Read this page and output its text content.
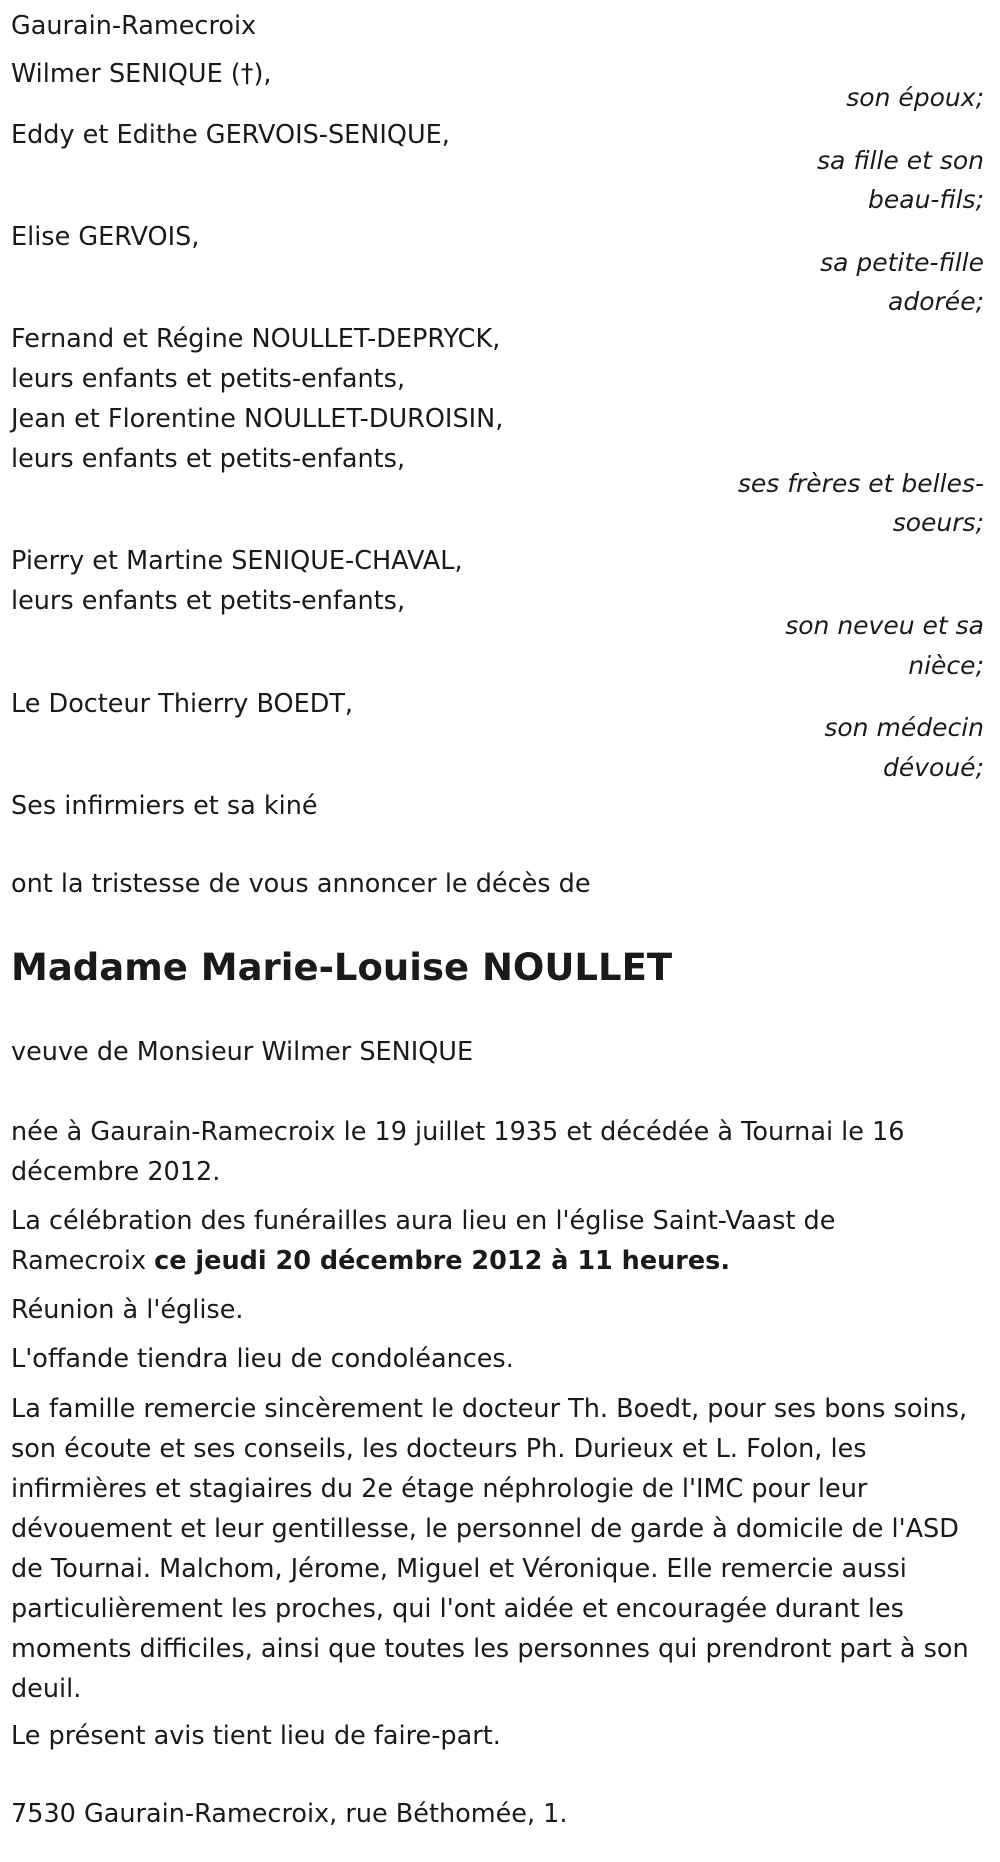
Gaurain-Ramecroix
Wilmer SENIQUE (†),
son époux;
Eddy et Edithe GERVOIS-SENIQUE,
sa fille et son
beau-fils;
Elise GERVOIS,
sa petite-fille
adorée;
Fernand et Régine NOULLET-DEPRYCK,
leurs enfants et petits-enfants,
Jean et Florentine NOULLET-DUROISIN,
leurs enfants et petits-enfants,
ses frères et belles-
soeurs;
Pierry et Martine SENIQUE-CHAVAL,
leurs enfants et petits-enfants,
son neveu et sa
nièce;
Le Docteur Thierry BOEDT,
son médecin
dévoué;
Ses infirmiers et sa kiné
ont la tristesse de vous annoncer le décès de
Madame Marie-Louise NOULLET
veuve de Monsieur Wilmer SENIQUE
née à Gaurain-Ramecroix le 19 juillet 1935 et décédée à Tournai le 16
décembre 2012.
La célébration des funérailles aura lieu en l'église Saint-Vaast de
Ramecroix ce jeudi 20 décembre 2012 à 11 heures.
Réunion à l'église.
L'offande tiendra lieu de condoléances.
La famille remercie sincèrement le docteur Th. Boedt, pour ses bons soins, son écoute et ses conseils, les docteurs Ph. Durieux et L. Folon, les infirmières et stagiaires du 2e étage néphrologie de l'IMC pour leur dévouement et leur gentillesse, le personnel de garde à domicile de l'ASD de Tournai. Malchom, Jérome, Miguel et Véronique. Elle remercie aussi particulièrement les proches, qui l'ont aidée et encouragée durant les moments difficiles, ainsi que toutes les personnes qui prendront part à son deuil.
Le présent avis tient lieu de faire-part.
7530 Gaurain-Ramecroix, rue Béthomée, 1.
